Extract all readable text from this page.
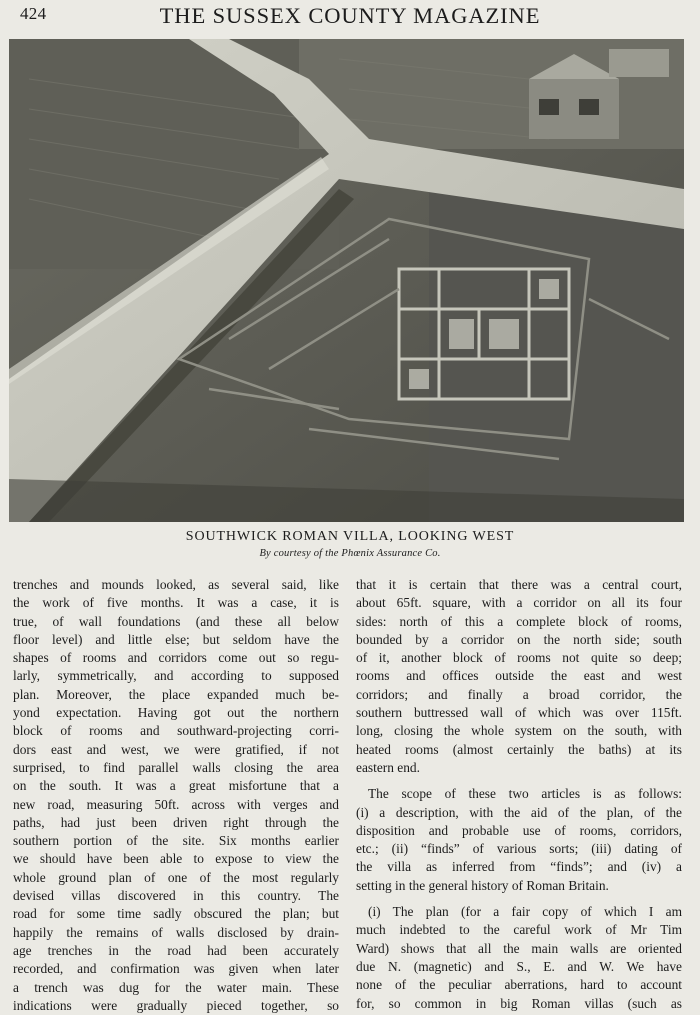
424	THE SUSSEX COUNTY MAGAZINE
SOUTHWICK ROMAN VILLA, LOOKING WEST
By courtesy of the Phœnix Assurance Co.
trenches and mounds looked, as several said, like
the work of five months. It was a case, it is
true, of wall foundations (and these all below
floor level) and little else; but seldom have the
shapes of rooms and corridors come out so regu-
larly, symmetrically, and according to supposed
plan. Moreover, the place expanded much be-
yond expectation. Having got out the northern
block of rooms and southward-projecting corri-
dors east and west, we were gratified, if not
surprised, to find parallel walls closing the area
on the south. It was a great misfortune that a
new road, measuring 50ft. across with verges and
paths, had just been driven right through the
southern portion of the site. Six months earlier
we should have been able to expose to view the
whole ground plan of one of the most regularly
devised villas discovered in this country. The
road for some time sadly obscured the plan; but
happily the remains of walls disclosed by drain-
age trenches in the road had been accurately
recorded, and confirmation was given when later
a trench was dug for the water main. These
indications were gradually pieced together, so
that it is certain that there was a central court,
about 65ft. square, with a corridor on all its four
sides: north of this a complete block of rooms,
bounded by a corridor on the north side; south
of it, another block of rooms not quite so deep;
rooms and offices outside the east and west
corridors; and finally a broad corridor, the
southern buttressed wall of which was over 115ft.
long, closing the whole system on the south, with
heated rooms (almost certainly the baths) at its
eastern end.
The scope of these two articles is as follows:
(i) a description, with the aid of the plan, of the
disposition and probable use of rooms, corridors,
etc.; (ii) “finds” of various sorts; (iii) dating of
the villa as inferred from “finds”; and (iv) a
setting in the general history of Roman Britain.
(i) The plan (for a fair copy of which I am
much indebted to the careful work of Mr Tim
Ward) shows that all the main walls are oriented
due N. (magnetic) and S., E. and W. We have
none of the peculiar aberrations, hard to account
for, so common in big Roman villas (such as
